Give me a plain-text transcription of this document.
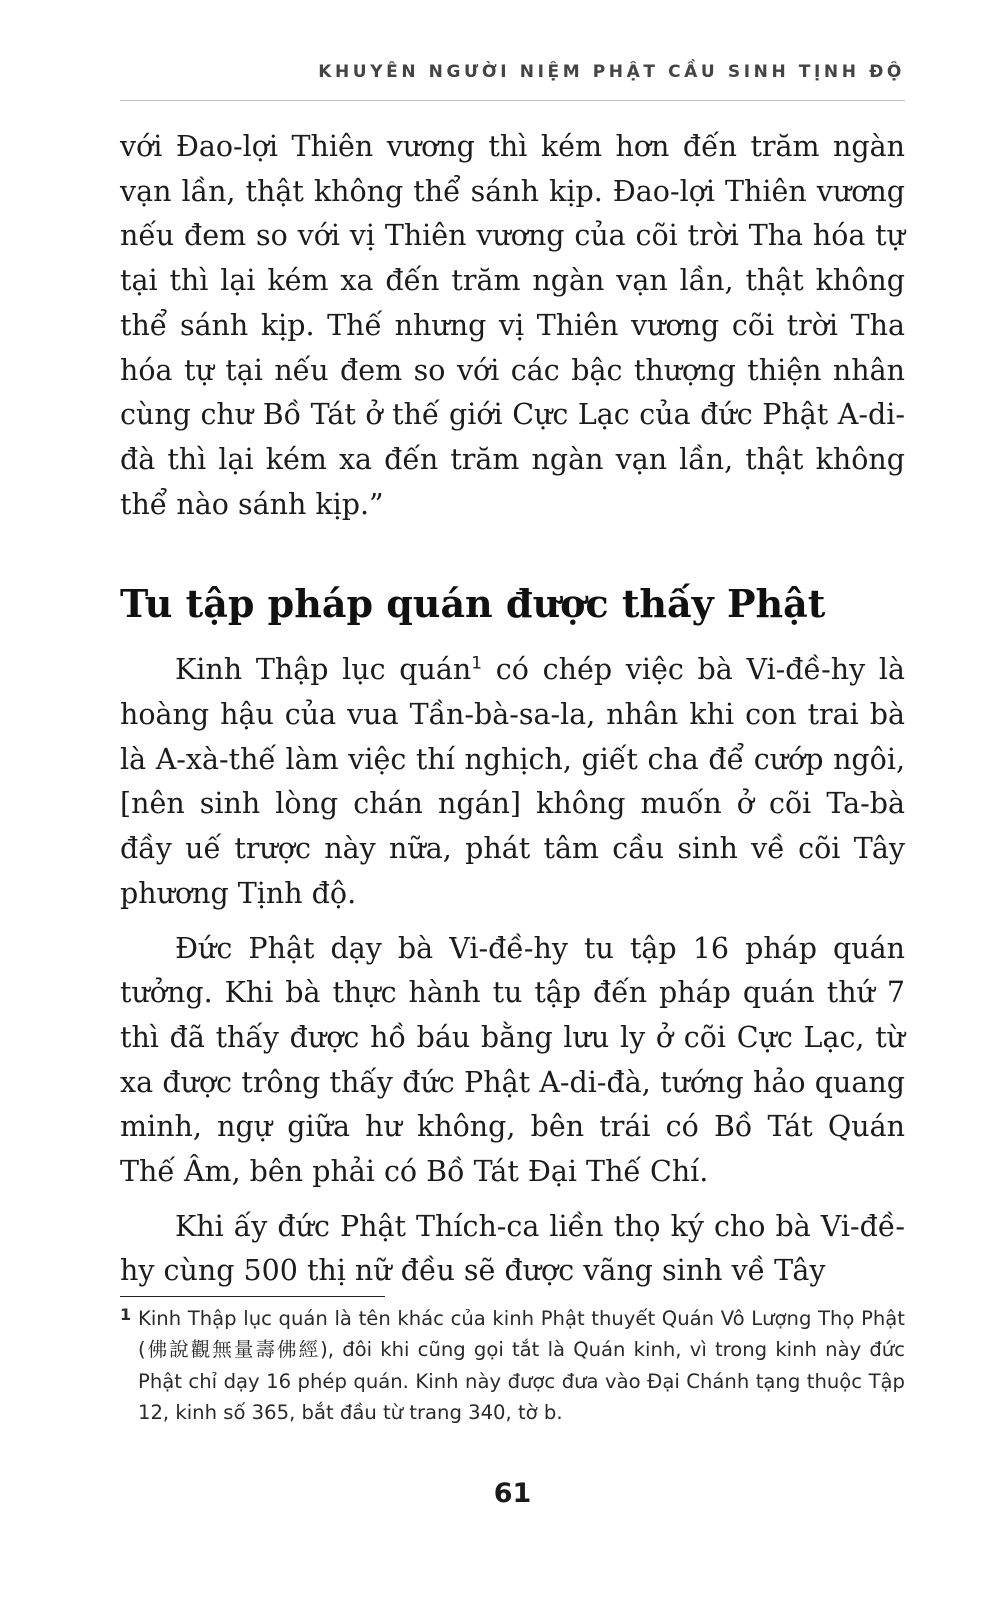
KHUYÊN NGƯỜI NIỆM PHẬT CẦU SINH TỊNH ĐỘ

với Đao-lợi Thiên vương thì kém hơn đến trăm ngàn vạn lần, thật không thể sánh kịp. Đao-lợi Thiên vương nếu đem so với vị Thiên vương của cõi trời Tha hóa tự tại thì lại kém xa đến trăm ngàn vạn lần, thật không thể sánh kịp. Thế nhưng vị Thiên vương cõi trời Tha hóa tự tại nếu đem so với các bậc thượng thiện nhân cùng chư Bồ Tát ở thế giới Cực Lạc của đức Phật A-di-đà thì lại kém xa đến trăm ngàn vạn lần, thật không thể nào sánh kịp.”

Tu tập pháp quán được thấy Phật

Kinh Thập lục quán$^1$ có chép việc bà Vi-đề-hy là hoàng hậu của vua Tần-bà-sa-la, nhân khi con trai bà là A-xà-thế làm việc thí nghịch, giết cha để cướp ngôi, [nên sinh lòng chán ngán] không muốn ở cõi Ta-bà đầy uế trược này nữa, phát tâm cầu sinh về cõi Tây phương Tịnh độ.

Đức Phật dạy bà Vi-đề-hy tu tập 16 pháp quán tưởng. Khi bà thực hành tu tập đến pháp quán thứ 7 thì đã thấy được hồ báu bằng lưu ly ở cõi Cực Lạc, từ xa được trông thấy đức Phật A-di-đà, tướng hảo quang minh, ngự giữa hư không, bên trái có Bồ Tát Quán Thế Âm, bên phải có Bồ Tát Đại Thế Chí.

Khi ấy đức Phật Thích-ca liền thọ ký cho bà Vi-đề-hy cùng 500 thị nữ đều sẽ được vãng sinh về Tây

1 Kinh Thập lục quán là tên khác của kinh Phật thuyết Quán Vô Lượng Thọ Phật (佛說觀無量壽佛經), đôi khi cũng gọi tắt là Quán kinh, vì trong kinh này đức Phật chỉ dạy 16 phép quán. Kinh này được đưa vào Đại Chánh tạng thuộc Tập 12, kinh số 365, bắt đầu từ trang 340, tờ b.
61
